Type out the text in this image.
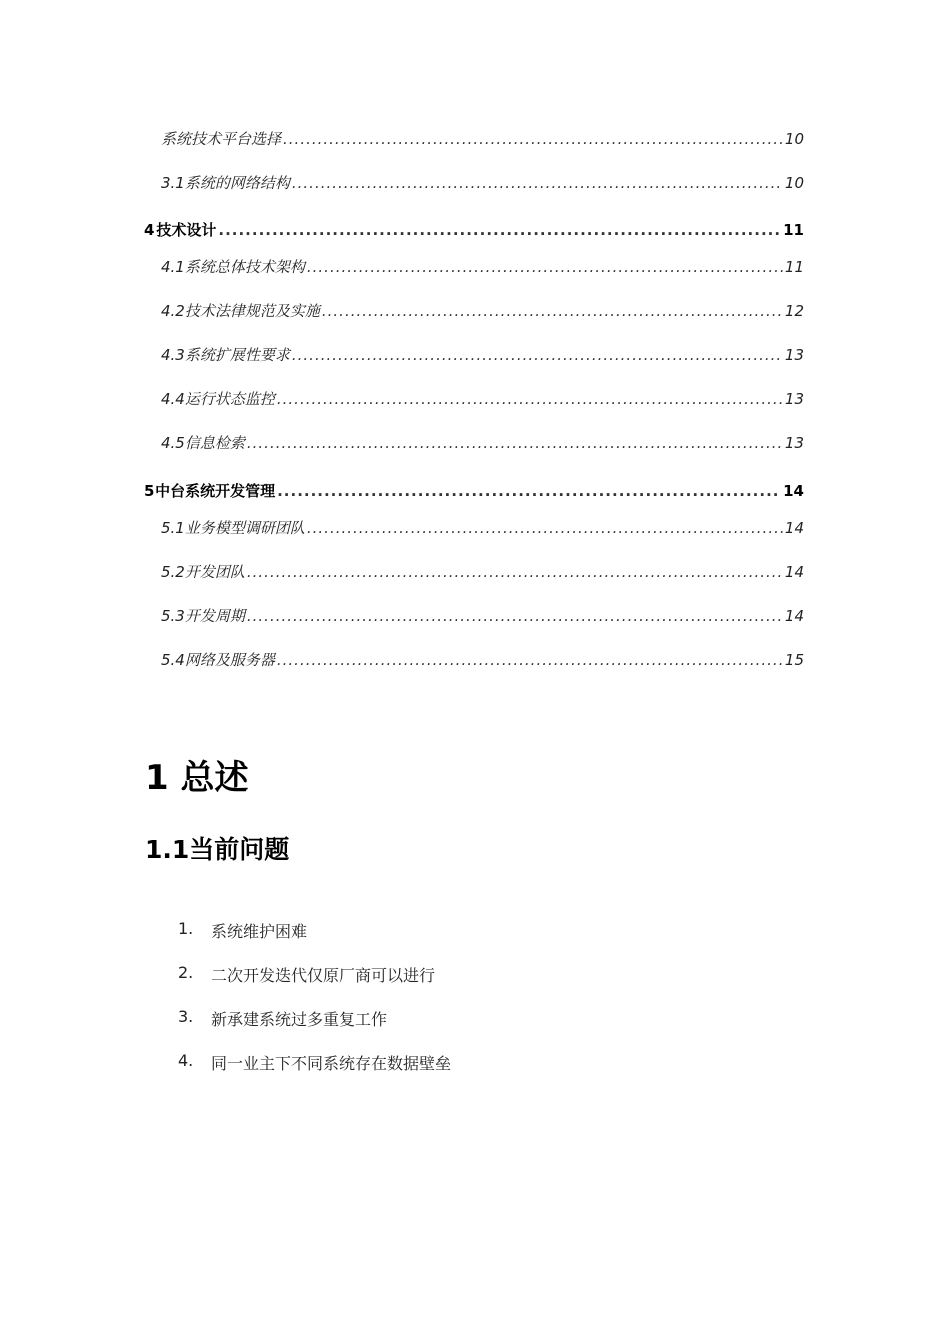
系统技术平台选择 .....	10
3.1 系统的网络结构 .....	10
4 技术设计 .....	11
4.1 系统总体技术架构 .....	11
4.2 技术法律规范及实施 .....	12
4.3 系统扩展性要求 .....	13
4.4 运行状态监控 .....	13
4.5 信息检索 .....	13
5 中台系统开发管理 .....	14
5.1 业务模型调研团队 .....	14
5.2 开发团队 .....	14
5.3 开发周期 .....	14
5.4 网络及服务器 .....	15
1 总述
1.1当前问题
1.	系统维护困难
2.	二次开发迭代仅原厂商可以进行
3.	新承建系统过多重复工作
4.	同一业主下不同系统存在数据壁垒
